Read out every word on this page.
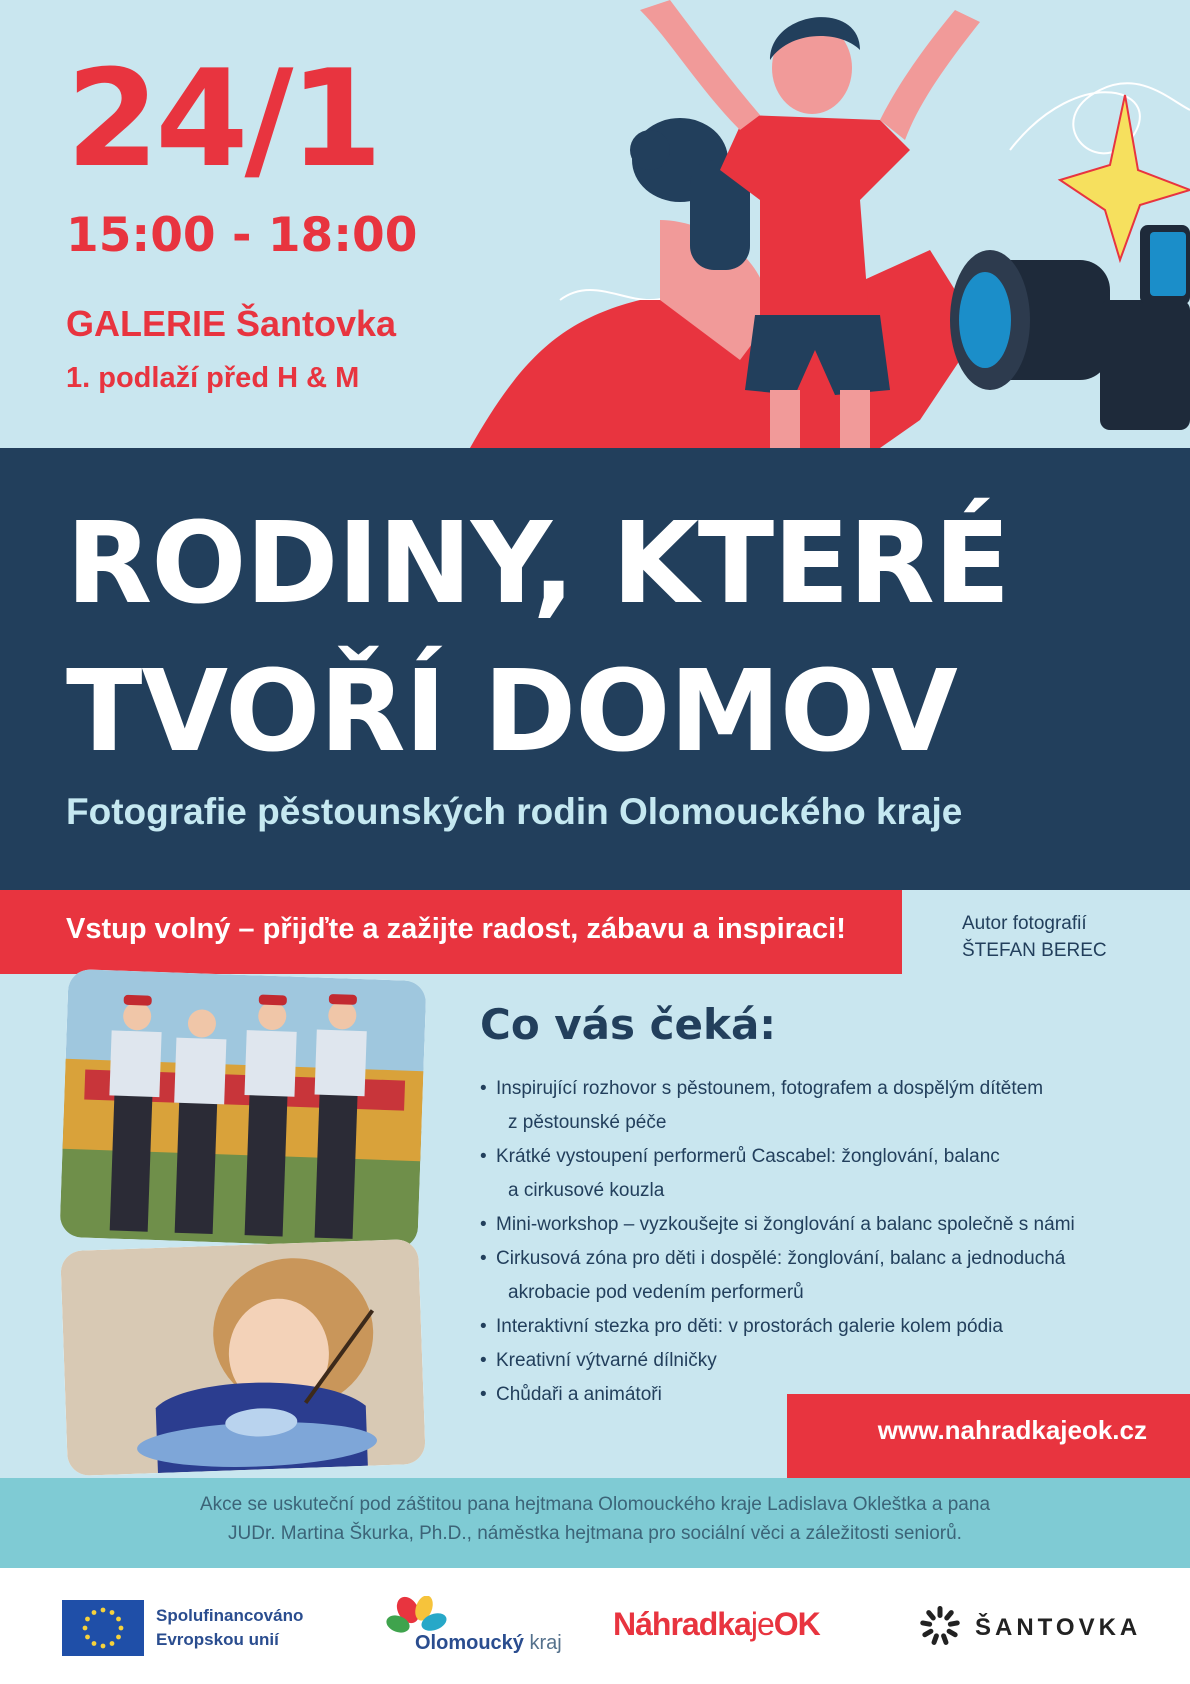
24/1
15:00 - 18:00
GALERIE Šantovka
1. podlaží před H & M
RODINY, KTERÉ
TVOŘÍ DOMOV
Fotografie pěstounských rodin Olomouckého kraje
Vstup volný – přijďte a zažijte radost, zábavu a inspiraci!	Autor fotografií
ŠTEFAN BEREC
Co vás čeká:
• Inspirující rozhovor s pěstounem, fotografem a dospělým dítětem
z pěstounské péče
• Krátké vystoupení performerů Cascabel: žonglování, balanc
a cirkusové kouzla
• Mini-workshop – vyzkoušejte si žonglování a balanc společně s námi
• Cirkusová zóna pro děti i dospělé: žonglování, balanc a jednoduchá
akrobacie pod vedením performerů
• Interaktivní stezka pro děti: v prostorách galerie kolem pódia
• Kreativní výtvarné dílničky
• Chůdaři a animátoři
www.nahradkajeok.cz
Akce se uskuteční pod záštitou pana hejtmana Olomouckého kraje Ladislava Okleštka a pana
JUDr. Martina Škurka, Ph.D., náměstka hejtmana pro sociální věci a záležitosti seniorů.
Spolufinancováno
Evropskou unií	Olomoucký kraj
NáhradkajeOK	ŠANTOVKA
